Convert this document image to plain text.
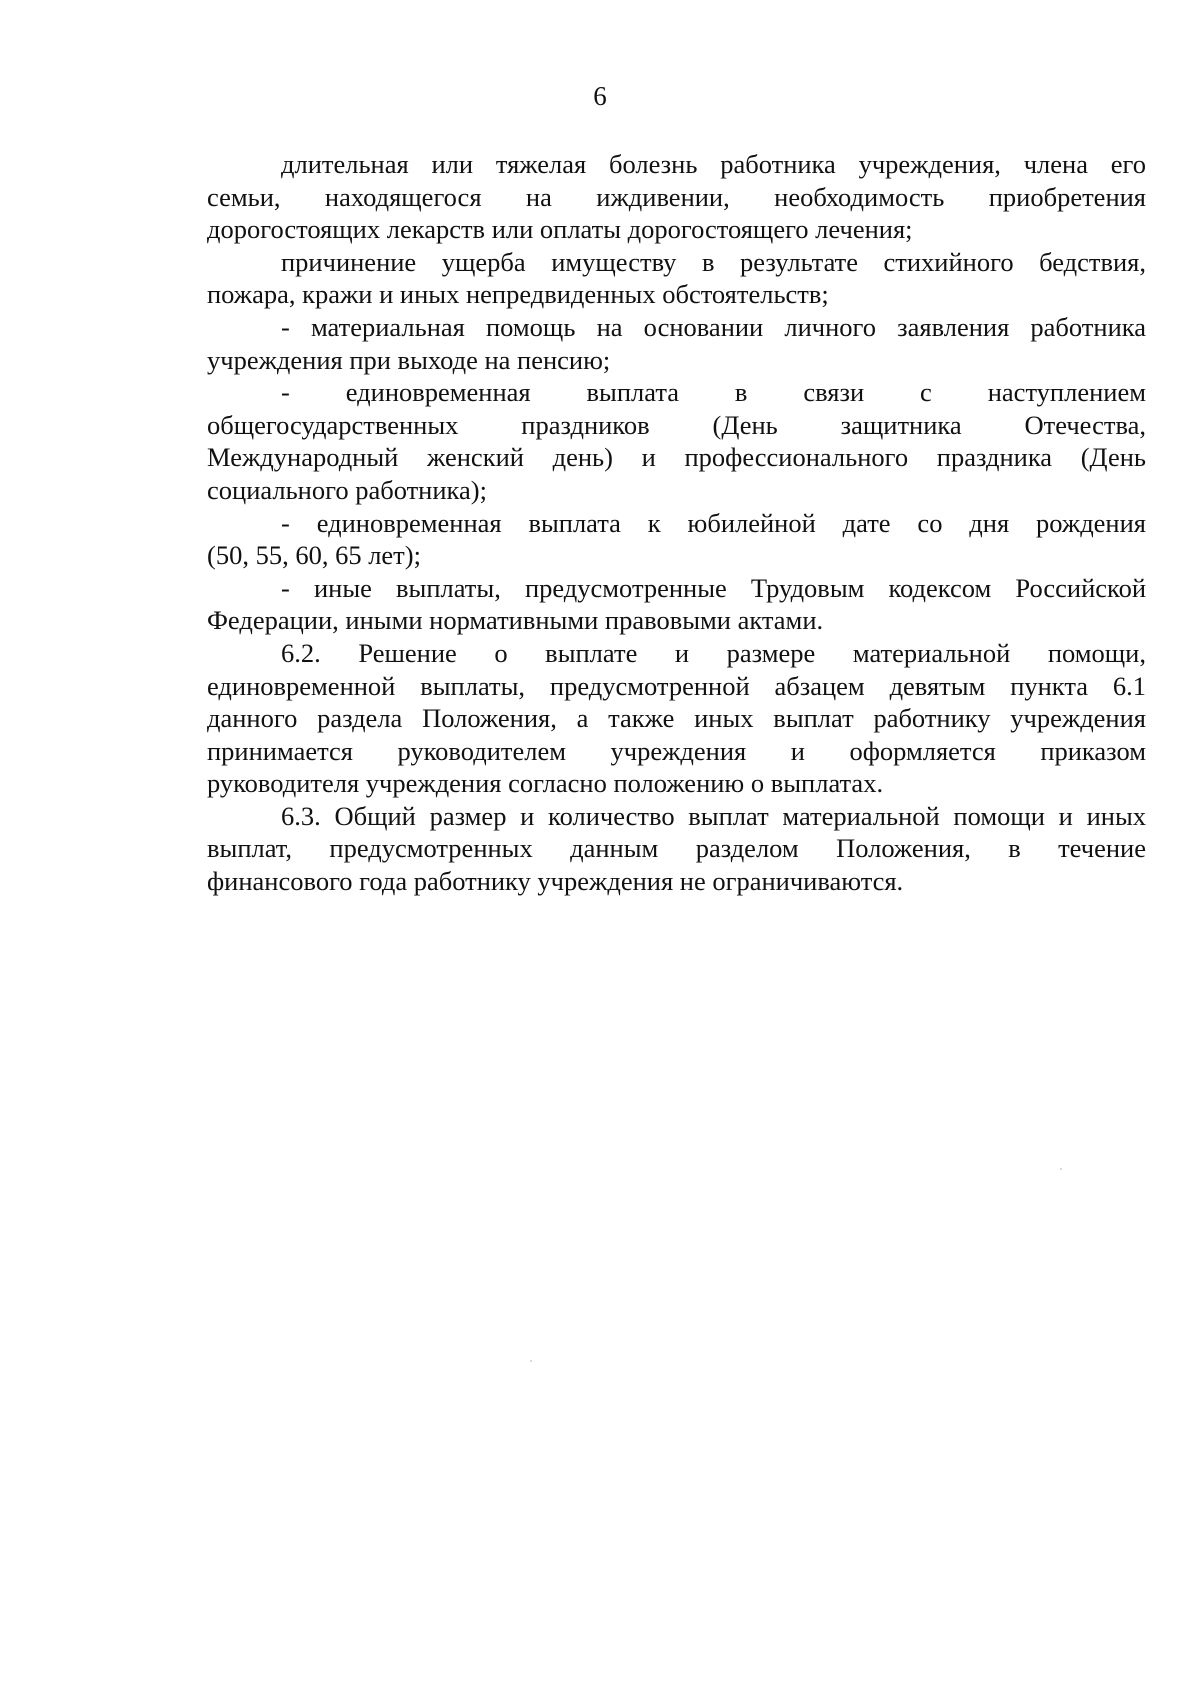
6
длительная или тяжелая болезнь работника учреждения, члена его
семьи, находящегося на иждивении, необходимость приобретения
дорогостоящих лекарств или оплаты дорогостоящего лечения;
причинение ущерба имуществу в результате стихийного бедствия,
пожара, кражи и иных непредвиденных обстоятельств;
- материальная помощь на основании личного заявления работника
учреждения при выходе на пенсию;
- единовременная выплата в связи с наступлением
общегосударственных праздников (День защитника Отечества,
Международный женский день) и профессионального праздника (День
социального работника);
- единовременная выплата к юбилейной дате со дня рождения
(50, 55, 60, 65 лет);
- иные выплаты, предусмотренные Трудовым кодексом Российской
Федерации, иными нормативными правовыми актами.
6.2. Решение о выплате и размере материальной помощи,
единовременной выплаты, предусмотренной абзацем девятым пункта 6.1
данного раздела Положения, а также иных выплат работнику учреждения
принимается руководителем учреждения и оформляется приказом
руководителя учреждения согласно положению о выплатах.
6.3. Общий размер и количество выплат материальной помощи и иных
выплат, предусмотренных данным разделом Положения, в течение
финансового года работнику учреждения не ограничиваются.
